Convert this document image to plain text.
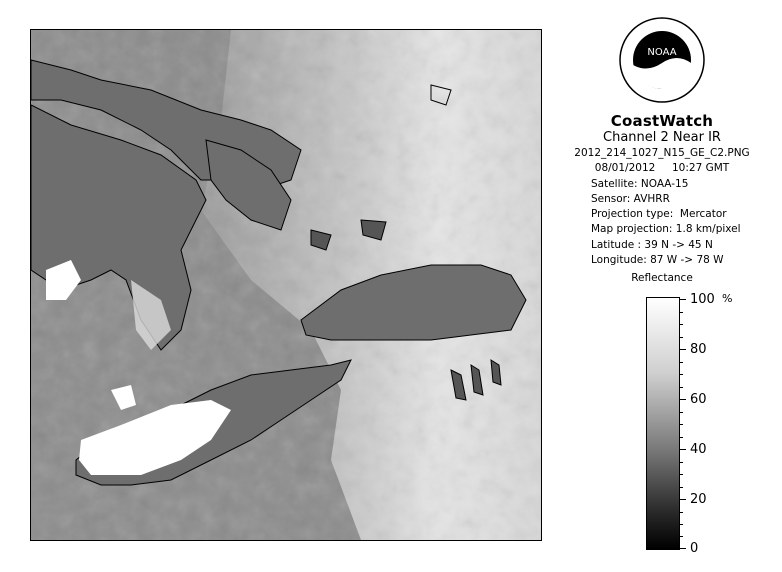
NOAA
CoastWatch
Channel 2 Near IR
2012_214_1027_N15_GE_C2.PNG
08/01/2012     10:27 GMT
Satellite: NOAA-15
Sensor: AVHRR
Projection type:  Mercator
Map projection: 1.8 km/pixel
Latitude : 39 N -> 45 N
Longitude: 87 W -> 78 W
Reflectance
%
100
80
60
40
20
0
